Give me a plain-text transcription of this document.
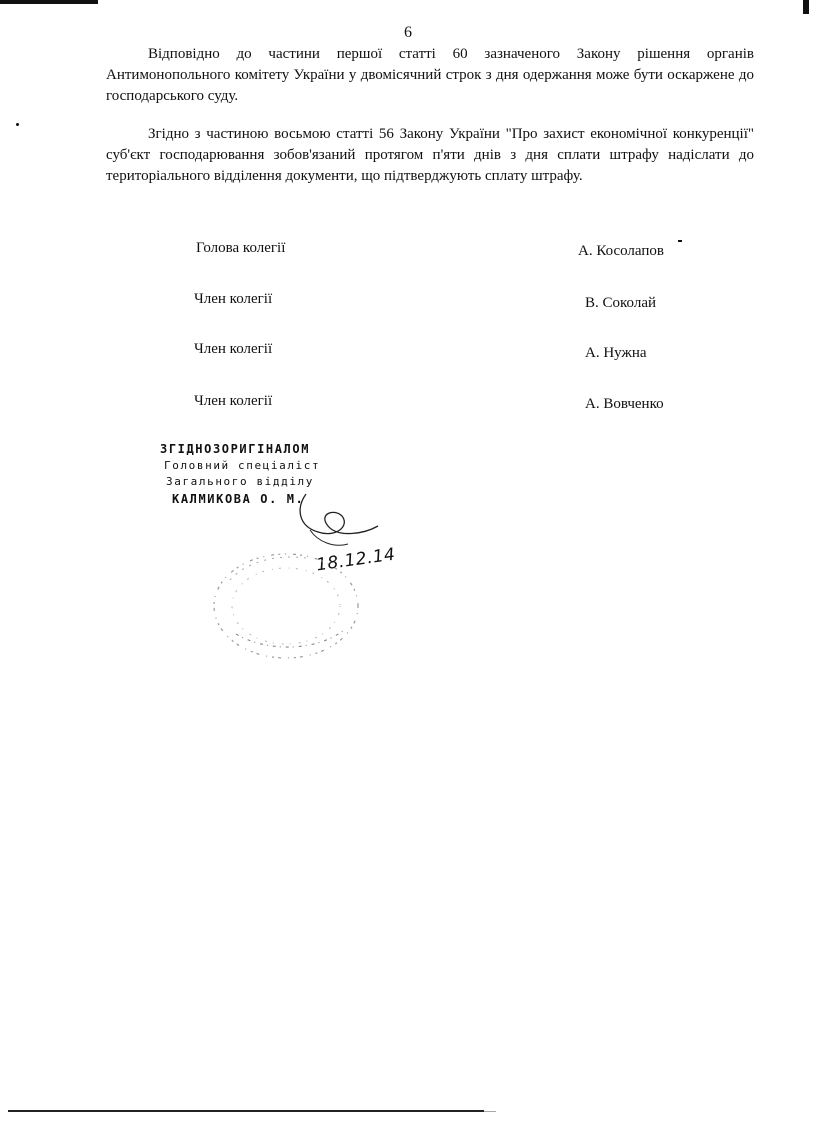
6

Відповідно до частини першої статті 60 зазначеного Закону рішення органів Антимонопольного комітету України у двомісячний строк з дня одержання може бути оскаржене до господарського суду.

Згідно з частиною восьмою статті 56 Закону України "Про захист економічної конкуренції" суб'єкт господарювання зобов'язаний протягом п'яти днів з дня сплати штрафу надіслати до територіального відділення документи, що підтверджують сплату штрафу.

Голова колегії	А. Косолапов
Член колегії	В. Соколай
Член колегії	А. Нужна
Член колегії	А. Вовченко
ЗГІДНОЗОРИГІНАЛОМ
Головний спеціаліст
Загального відділу
КАЛМИКОВА О. М.
18.12.14
